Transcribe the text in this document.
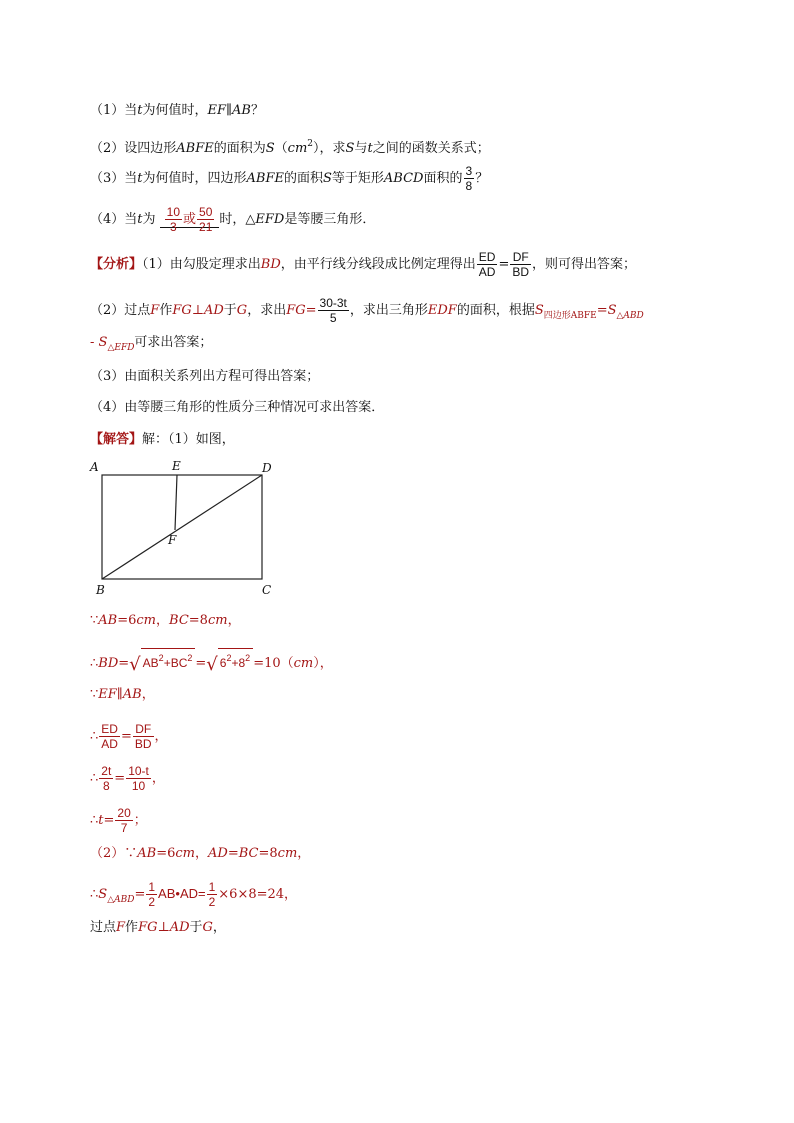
（1）当t为何值时，EF∥AB？
（2）设四边形ABFE的面积为$S(cm^2)$，求S与t之间的函数关系式；
（3）当t为何值时，四边形ABFE的面积S等于矩形ABCD面积的 $\frac{3}{8}$ ？
（4）当t为 $\frac{10}{3}$ 或 $\frac{50}{21}$ 时，△EFD是等腰三角形．
【分析】（1）由勾股定理求出BD，由平行线分线段成比例定理得出 $\frac{ED}{AD} = \frac{DF}{BD}$ ，则可得出答案；
（2）过点F作FG⊥AD于G，求出$FG= \frac{30-3t}{5}$ ，求出三角形EDF的面积，根据$S_{四边形ABFE}=S_{\triangle ABD}$
- $S_{\triangle EFD}$可求出答案；
（3）由面积关系列出方程可得出答案；
（4）由等腰三角形的性质分三种情况可求出答案．
【解答】解：（1）如图，
A	E	D
F
B	C
∵AB=6cm，BC=8cm，
∴BD=√ $AB^2+BC^2$ =√ $6^2+8^2 =10(cm)$，
∵EF∥AB，
∴ $\frac{ED}{AD} = \frac{DF}{BD}$ ，
∴ $\frac{2t}{8} = \frac{10-t}{10}$ ，
∴t= $\frac{20}{7}$ ；
（2）∵AB=6cm，AD=BC=8cm，
$\therefore S_{\triangle ABD}= \frac{1}{2}$ AB•AD= $\frac{1}{2} \times 6\times 8=24$，
过点F作FG⊥AD于G，
